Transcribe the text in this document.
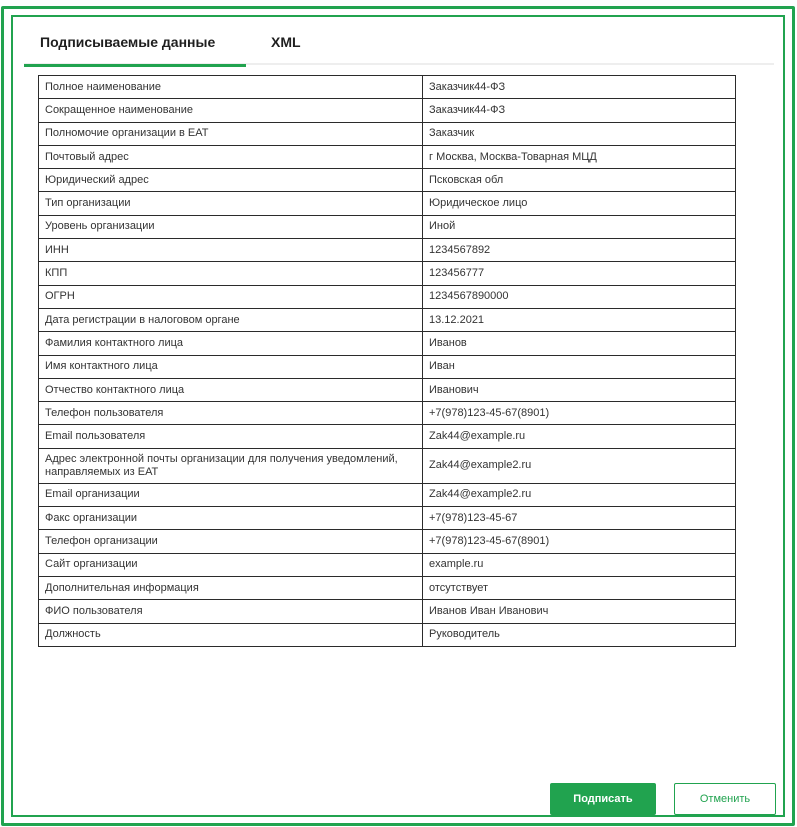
Подписываемые данные	XML
Полное наименование	Заказчик44-ФЗ
Сокращенное наименование	Заказчик44-ФЗ
Полномочие организации в ЕАТ	Заказчик
Почтовый адрес	г Москва, Москва-Товарная МЦД
Юридический адрес	Псковская обл
Тип организации	Юридическое лицо
Уровень организации	Иной
ИНН	1234567892
КПП	123456777
ОГРН	1234567890000
Дата регистрации в налоговом органе	13.12.2021
Фамилия контактного лица	Иванов
Имя контактного лица	Иван
Отчество контактного лица	Иванович
Телефон пользователя	+7(978)123-45-67(8901)
Email пользователя	Zak44@example.ru
Адрес электронной почты организации для получения уведомлений, направляемых из ЕАТ	Zak44@example2.ru
Email организации	Zak44@example2.ru
Факс организации	+7(978)123-45-67
Телефон организации	+7(978)123-45-67(8901)
Сайт организации	example.ru
Дополнительная информация	отсутствует
ФИО пользователя	Иванов Иван Иванович
Должность	Руководитель
Подписать	Отменить
